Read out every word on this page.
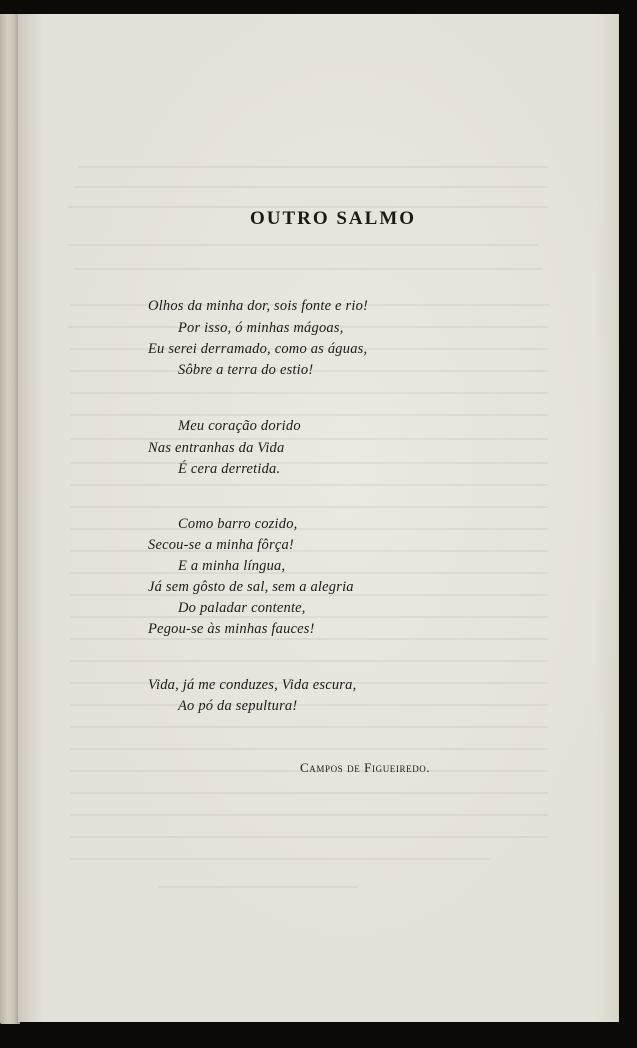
OUTRO SALMO
Olhos da minha dor, sois fonte e rio!
Por isso, ó minhas mágoas,
Eu serei derramado, como as águas,
Sôbre a terra do estio!
Meu coração dorido
Nas entranhas da Vida
É cera derretida.
Como barro cozido,
Secou-se a minha fôrça!
E a minha língua,
Já sem gôsto de sal, sem a alegria
Do paladar contente,
Pegou-se às minhas fauces!
Vida, já me conduzes, Vida escura,
Ao pó da sepultura!
Campos de Figueiredo.
